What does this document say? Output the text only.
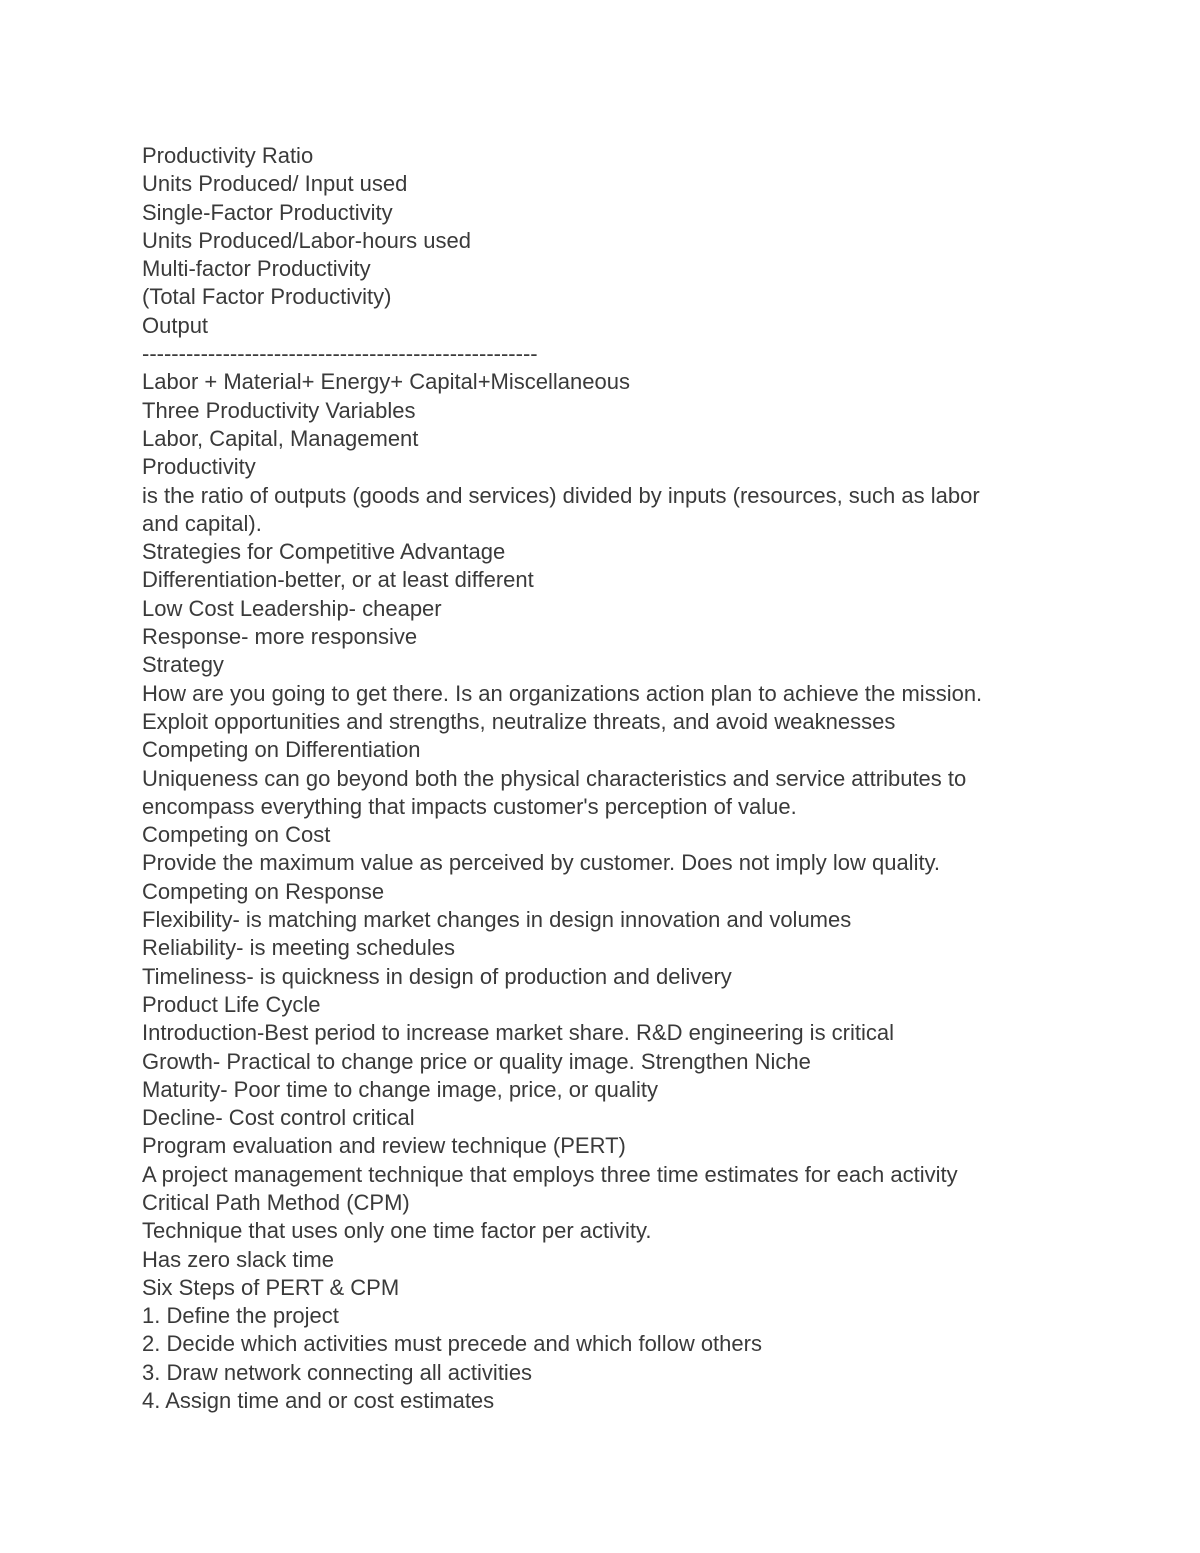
Productivity Ratio

Units Produced/ Input used

Single-Factor Productivity

Units Produced/Labor-hours used

Multi-factor Productivity

(Total Factor Productivity)

Output

------------------------------------------------------

Labor + Material+ Energy+ Capital+Miscellaneous

Three Productivity Variables

Labor, Capital, Management

Productivity

is the ratio of outputs (goods and services) divided by inputs (resources, such as labor

and capital).

Strategies for Competitive Advantage

Differentiation-better, or at least different

Low Cost Leadership- cheaper

Response- more responsive

Strategy

How are you going to get there. Is an organizations action plan to achieve the mission.

Exploit opportunities and strengths, neutralize threats, and avoid weaknesses

Competing on Differentiation

Uniqueness can go beyond both the physical characteristics and service attributes to

encompass everything that impacts customer's perception of value.

Competing on Cost

Provide the maximum value as perceived by customer. Does not imply low quality.

Competing on Response

Flexibility- is matching market changes in design innovation and volumes

Reliability- is meeting schedules

Timeliness- is quickness in design of production and delivery

Product Life Cycle

Introduction-Best period to increase market share. R&D engineering is critical

Growth- Practical to change price or quality image. Strengthen Niche

Maturity- Poor time to change image, price, or quality

Decline- Cost control critical

Program evaluation and review technique (PERT)

A project management technique that employs three time estimates for each activity

Critical Path Method (CPM)

Technique that uses only one time factor per activity.

Has zero slack time

Six Steps of PERT & CPM

1. Define the project

2. Decide which activities must precede and which follow others

3. Draw network connecting all activities

4. Assign time and or cost estimates
